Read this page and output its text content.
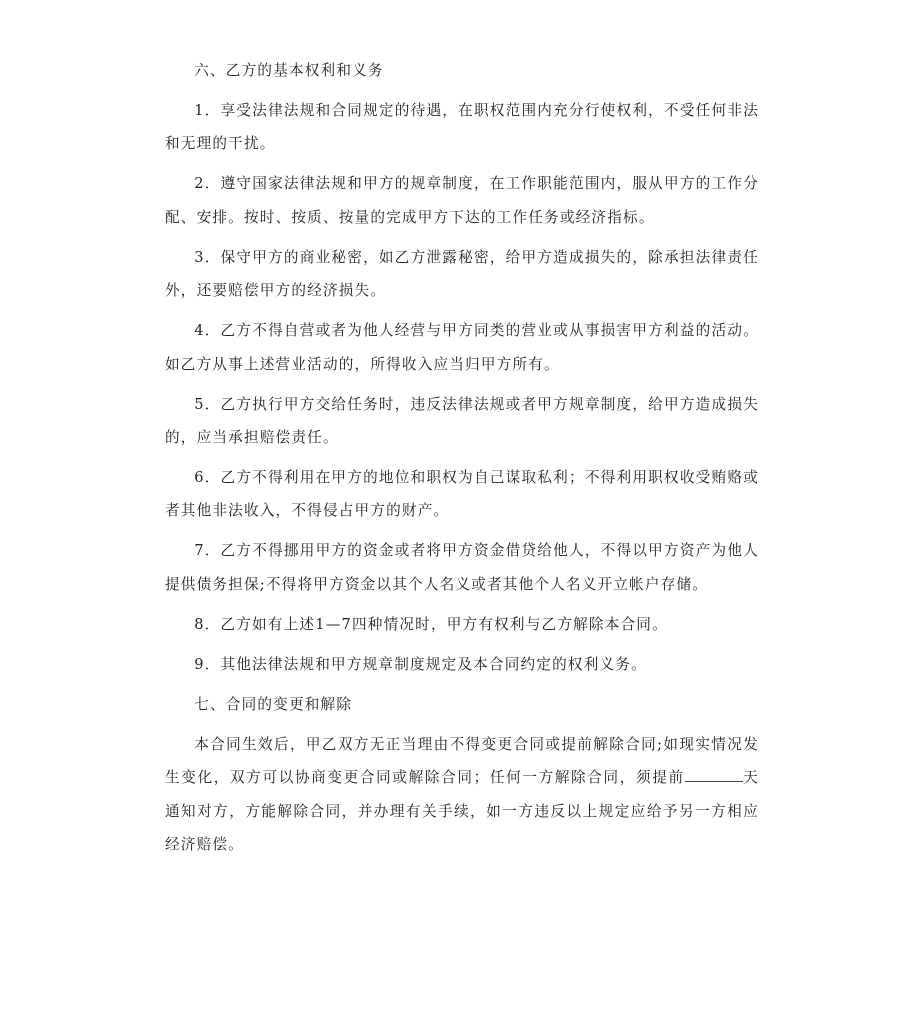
六、乙方的基本权利和义务

1．享受法律法规和合同规定的待遇，在职权范围内充分行使权利，不受任何非法和无理的干扰。

2．遵守国家法律法规和甲方的规章制度，在工作职能范围内，服从甲方的工作分配、安排。按时、按质、按量的完成甲方下达的工作任务或经济指标。

3．保守甲方的商业秘密，如乙方泄露秘密，给甲方造成损失的，除承担法律责任外，还要赔偿甲方的经济损失。

4．乙方不得自营或者为他人经营与甲方同类的营业或从事损害甲方利益的活动。如乙方从事上述营业活动的，所得收入应当归甲方所有。

5．乙方执行甲方交给任务时，违反法律法规或者甲方规章制度，给甲方造成损失的，应当承担赔偿责任。

6．乙方不得利用在甲方的地位和职权为自己谋取私利；不得利用职权收受贿赂或者其他非法收入，不得侵占甲方的财产。

7．乙方不得挪用甲方的资金或者将甲方资金借贷给他人，不得以甲方资产为他人提供债务担保;不得将甲方资金以其个人名义或者其他个人名义开立帐户存储。

8．乙方如有上述1—7四种情况时，甲方有权利与乙方解除本合同。

9．其他法律法规和甲方规章制度规定及本合同约定的权利义务。

七、合同的变更和解除

本合同生效后，甲乙双方无正当理由不得变更合同或提前解除合同;如现实情况发生变化，双方可以协商变更合同或解除合同；任何一方解除合同，须提前	天通知对方，方能解除合同，并办理有关手续，如一方违反以上规定应给予另一方相应经济赔偿。
